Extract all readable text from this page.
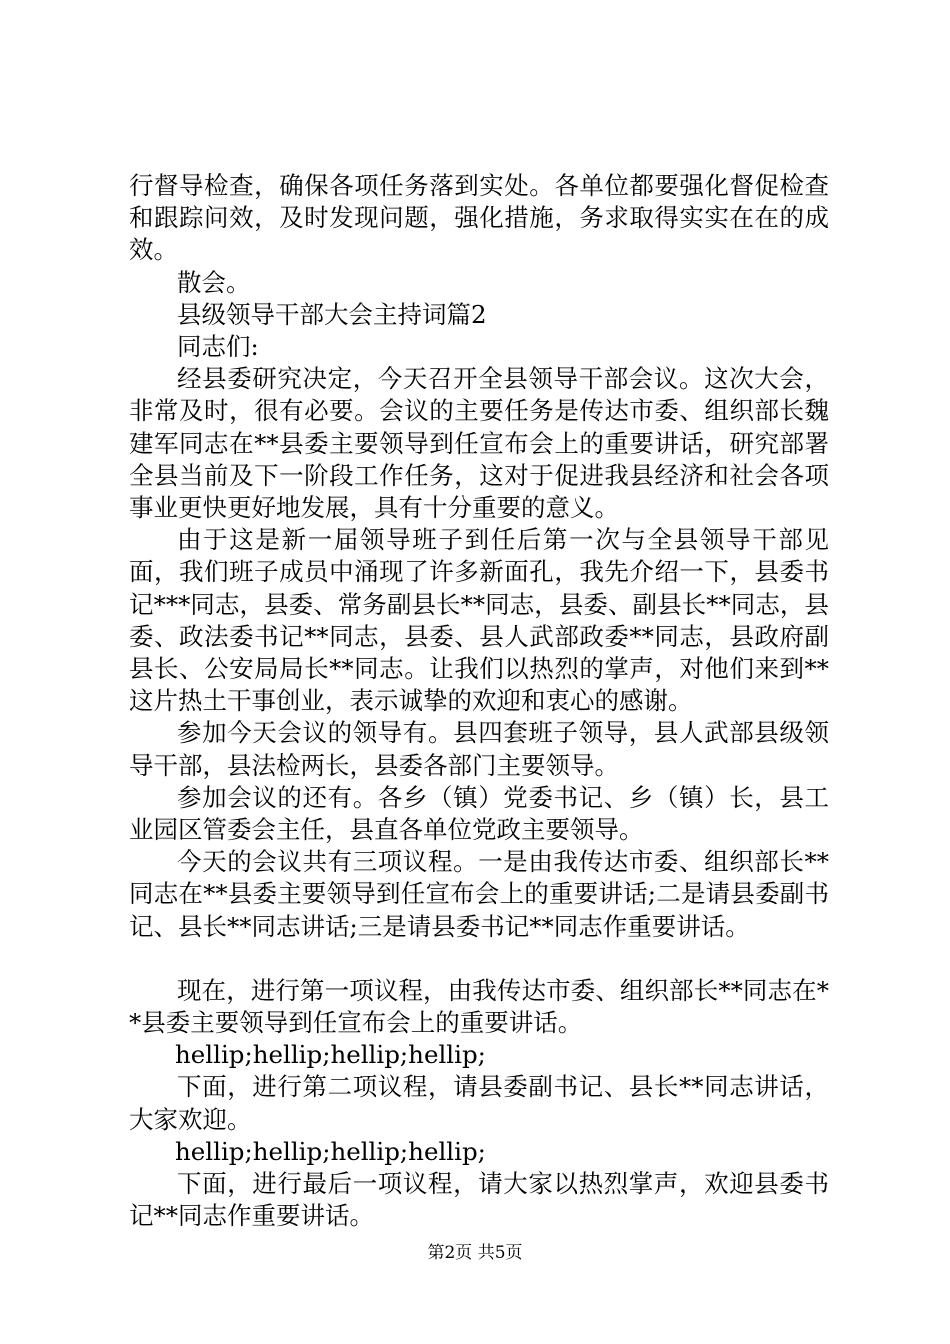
行督导检查，确保各项任务落到实处。各单位都要强化督促检查和跟踪问效，及时发现问题，强化措施，务求取得实实在在的成效。

散会。

县级领导干部大会主持词篇2

同志们:

经县委研究决定，今天召开全县领导干部会议。这次大会，非常及时，很有必要。会议的主要任务是传达市委、组织部长魏建军同志在**县委主要领导到任宣布会上的重要讲话，研究部署全县当前及下一阶段工作任务，这对于促进我县经济和社会各项事业更快更好地发展，具有十分重要的意义。

由于这是新一届领导班子到任后第一次与全县领导干部见面，我们班子成员中涌现了许多新面孔，我先介绍一下，县委书记***同志，县委、常务副县长**同志，县委、副县长**同志，县委、政法委书记**同志，县委、县人武部政委**同志，县政府副县长、公安局局长**同志。让我们以热烈的掌声，对他们来到**这片热土干事创业，表示诚挚的欢迎和衷心的感谢。

参加今天会议的领导有。县四套班子领导，县人武部县级领导干部，县法检两长，县委各部门主要领导。

参加会议的还有。各乡（镇）党委书记、乡（镇）长，县工业园区管委会主任，县直各单位党政主要领导。

今天的会议共有三项议程。一是由我传达市委、组织部长**同志在**县委主要领导到任宣布会上的重要讲话;二是请县委副书记、县长**同志讲话;三是请县委书记**同志作重要讲话。

现在，进行第一项议程，由我传达市委、组织部长**同志在**县委主要领导到任宣布会上的重要讲话。

hellip;hellip;hellip;hellip;

下面，进行第二项议程，请县委副书记、县长**同志讲话，大家欢迎。

hellip;hellip;hellip;hellip;

下面，进行最后一项议程，请大家以热烈掌声，欢迎县委书记**同志作重要讲话。

第2页 共5页
